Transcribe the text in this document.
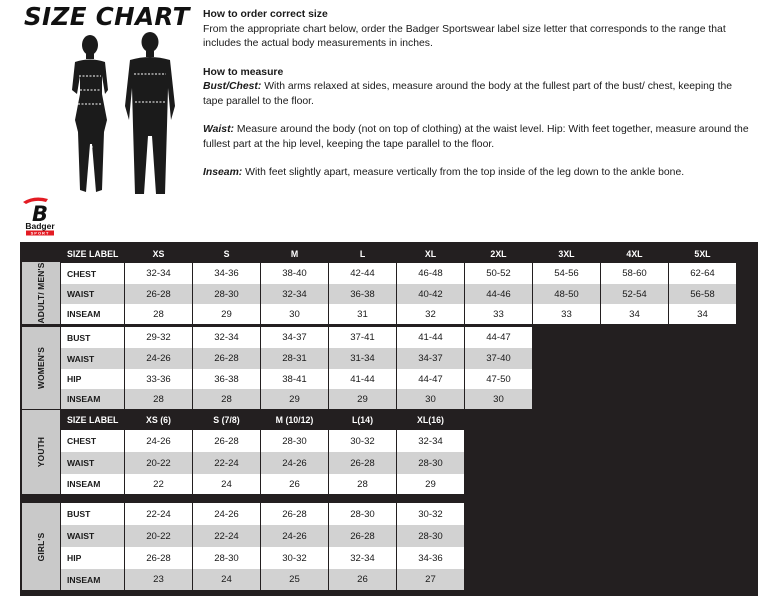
SIZE CHART
B
Badger
SPORT

How to order correct size

From the appropriate chart below, order the Badger Sportswear label size letter that corresponds to the range that includes the actual body measurements in inches.

How to measure

Bust/Chest: With arms relaxed at sides, measure around the body at the fullest part of the bust/ chest, keeping the tape parallel to the floor.

Waist: Measure around the body (not on top of clothing) at the waist level. Hip: With feet together, measure around the fullest part at the hip level, keeping the tape parallel to the floor.

Inseam: With feet slightly apart, measure vertically from the top inside of the leg down to the ankle bone.

ADULT/ MEN'S
SIZE LABEL	XS	S	M	L	XL	2XL	3XL	4XL	5XL
CHEST	32-34	34-36	38-40	42-44	46-48	50-52	54-56	58-60	62-64
WAIST	26-28	28-30	32-34	36-38	40-42	44-46	48-50	52-54	56-58
INSEAM	28	29	30	31	32	33	33	34	34
WOMEN'S
BUST	29-32	32-34	34-37	37-41	41-44	44-47
WAIST	24-26	26-28	28-31	31-34	34-37	37-40
HIP	33-36	36-38	38-41	41-44	44-47	47-50
INSEAM	28	28	29	29	30	30
YOUTH
SIZE LABEL	XS (6)	S (7/8)	M (10/12)	L(14)	XL(16)
CHEST	24-26	26-28	28-30	30-32	32-34
WAIST	20-22	22-24	24-26	26-28	28-30
INSEAM	22	24	26	28	29
GIRL'S
BUST	22-24	24-26	26-28	28-30	30-32
WAIST	20-22	22-24	24-26	26-28	28-30
HIP	26-28	28-30	30-32	32-34	34-36
INSEAM	23	24	25	26	27
